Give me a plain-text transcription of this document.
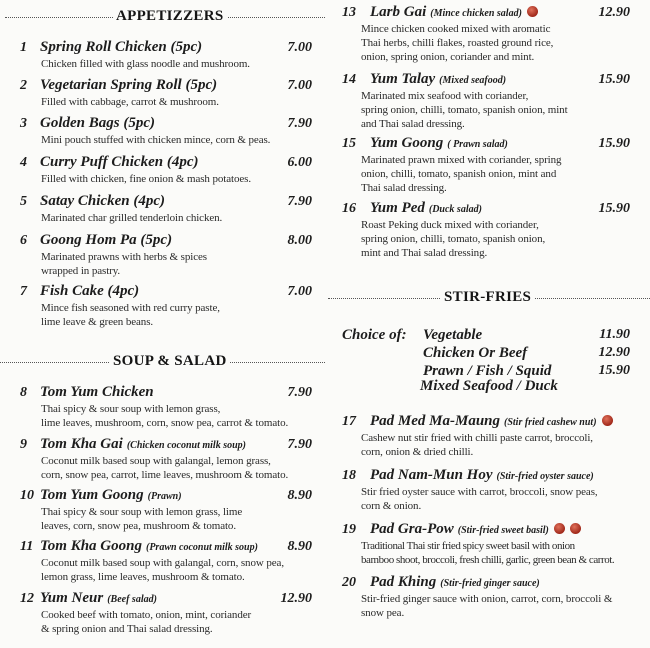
APPETIZZERS
SOUP & SALAD
STIR-FRIES
1 Spring Roll Chicken (5pc)	7.00
Chicken filled with glass noodle and mushroom.
2 Vegetarian Spring Roll (5pc)	7.00
Filled with cabbage, carrot & mushroom.
3 Golden Bags (5pc)	7.90
Mini pouch stuffed with chicken mince, corn & peas.
4 Curry Puff Chicken (4pc)	6.00
Filled with chicken, fine onion & mash potatoes.
5 Satay Chicken (4pc)	7.90
Marinated char grilled tenderloin chicken.
6 Goong Hom Pa (5pc)	8.00
Marinated prawns with herbs & spices
wrapped in pastry.
7 Fish Cake (4pc)	7.00
Mince fish seasoned with red curry paste,
lime leave & green beans.
8 Tom Yum Chicken	7.90
Thai spicy & sour soup with lemon grass,
lime leaves, mushroom, corn, snow pea, carrot & tomato.
9 Tom Kha Gai (Chicken coconut milk soup)	7.90
Coconut milk based soup with galangal, lemon grass,
corn, snow pea, carrot, lime leaves, mushroom & tomato.
10 Tom Yum Goong (Prawn)	8.90
Thai spicy & sour soup with lemon grass, lime
leaves, corn, snow pea, mushroom & tomato.
11 Tom Kha Goong (Prawn coconut milk soup) 8.90
Coconut milk based soup with galangal, corn, snow pea,
lemon grass, lime leaves, mushroom & tomato.
12 Yum Neur (Beef salad)	12.90
Cooked beef with tomato, onion, mint, coriander
& spring onion and Thai salad dressing.
13 Larb Gai (Mince chicken salad)	12.90
Mince chicken cooked mixed with aromatic
Thai herbs, chilli flakes, roasted ground rice,
onion, spring onion, coriander and mint.
14 Yum Talay (Mixed seafood)	15.90
Marinated mix seafood with coriander,
spring onion, chilli, tomato, spanish onion, mint
and Thai salad dressing.
15 Yum Goong ( Prawn salad)	15.90
Marinated prawn mixed with coriander, spring
onion, chilli, tomato, spanish onion, mint and
Thai salad dressing.
16 Yum Ped (Duck salad)	15.90
Roast Peking duck mixed with coriander,
spring onion, chilli, tomato, spanish onion,
mint and Thai salad dressing.
17 Pad Med Ma-Maung (Stir fried cashew nut)
Cashew nut stir fried with chilli paste carrot, broccoli,
corn, onion & dried chilli.
18 Pad Nam-Mun Hoy (Stir-fried oyster sauce)
Stir fried oyster sauce with carrot, broccoli, snow peas,
corn & onion.
19 Pad Gra-Pow (Stir-fried sweet basil)
Traditional Thai stir fried spicy sweet basil with onion
bamboo shoot, broccoli, fresh chilli, garlic, green bean & carrot.
20 Pad Khing (Stir-fried ginger sauce)
Stir-fried ginger sauce with onion, carrot, corn, broccoli &
snow pea.
Choice of: Vegetable	11.90
Chicken Or Beef	12.90
Prawn / Fish / Squid	15.90
Mixed Seafood / Duck
